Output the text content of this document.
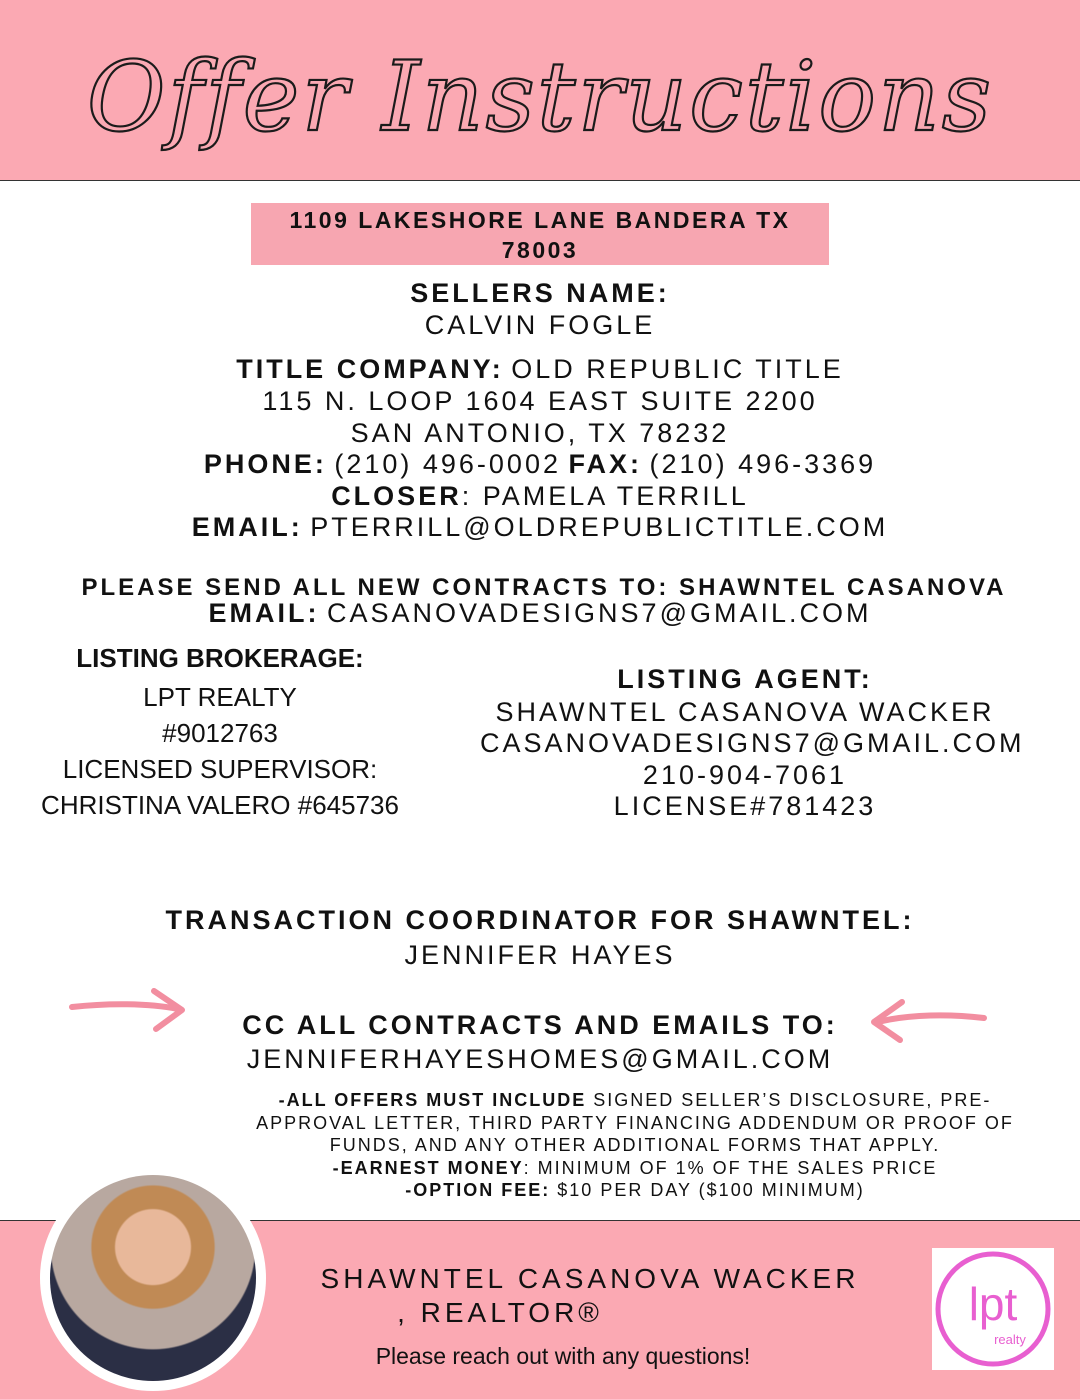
Offer Instructions
1109 LAKESHORE LANE BANDERA TX
78003
SELLERS NAME:
CALVIN FOGLE
TITLE COMPANY: OLD REPUBLIC TITLE
115 N. LOOP 1604 EAST SUITE 2200
SAN ANTONIO, TX 78232
PHONE: (210) 496-0002 FAX: (210) 496-3369
CLOSER: PAMELA TERRILL
EMAIL: PTERRILL@OLDREPUBLICTITLE.COM
PLEASE SEND ALL NEW CONTRACTS TO: SHAWNTEL CASANOVA
EMAIL: CASANOVADESIGNS7@GMAIL.COM
LISTING BROKERAGE:
LPT REALTY
#9012763
LICENSED SUPERVISOR:
CHRISTINA VALERO #645736
LISTING AGENT:
SHAWNTEL CASANOVA WACKER
CASANOVADESIGNS7@GMAIL.COM
210-904-7061
LICENSE#781423
TRANSACTION COORDINATOR FOR SHAWNTEL:
JENNIFER HAYES
CC ALL CONTRACTS AND EMAILS TO:
JENNIFERHAYESHOMES@GMAIL.COM
-ALL OFFERS MUST INCLUDE SIGNED SELLER’S DISCLOSURE, PRE-
APPROVAL LETTER, THIRD PARTY FINANCING ADDENDUM OR PROOF OF
FUNDS, AND ANY OTHER ADDITIONAL FORMS THAT APPLY.
-EARNEST MONEY: MINIMUM OF 1% OF THE SALES PRICE
-OPTION FEE: $10 PER DAY ($100 MINIMUM)
SHAWNTEL CASANOVA WACKER
, REALTOR®
Please reach out with any questions!
lpt
realty
